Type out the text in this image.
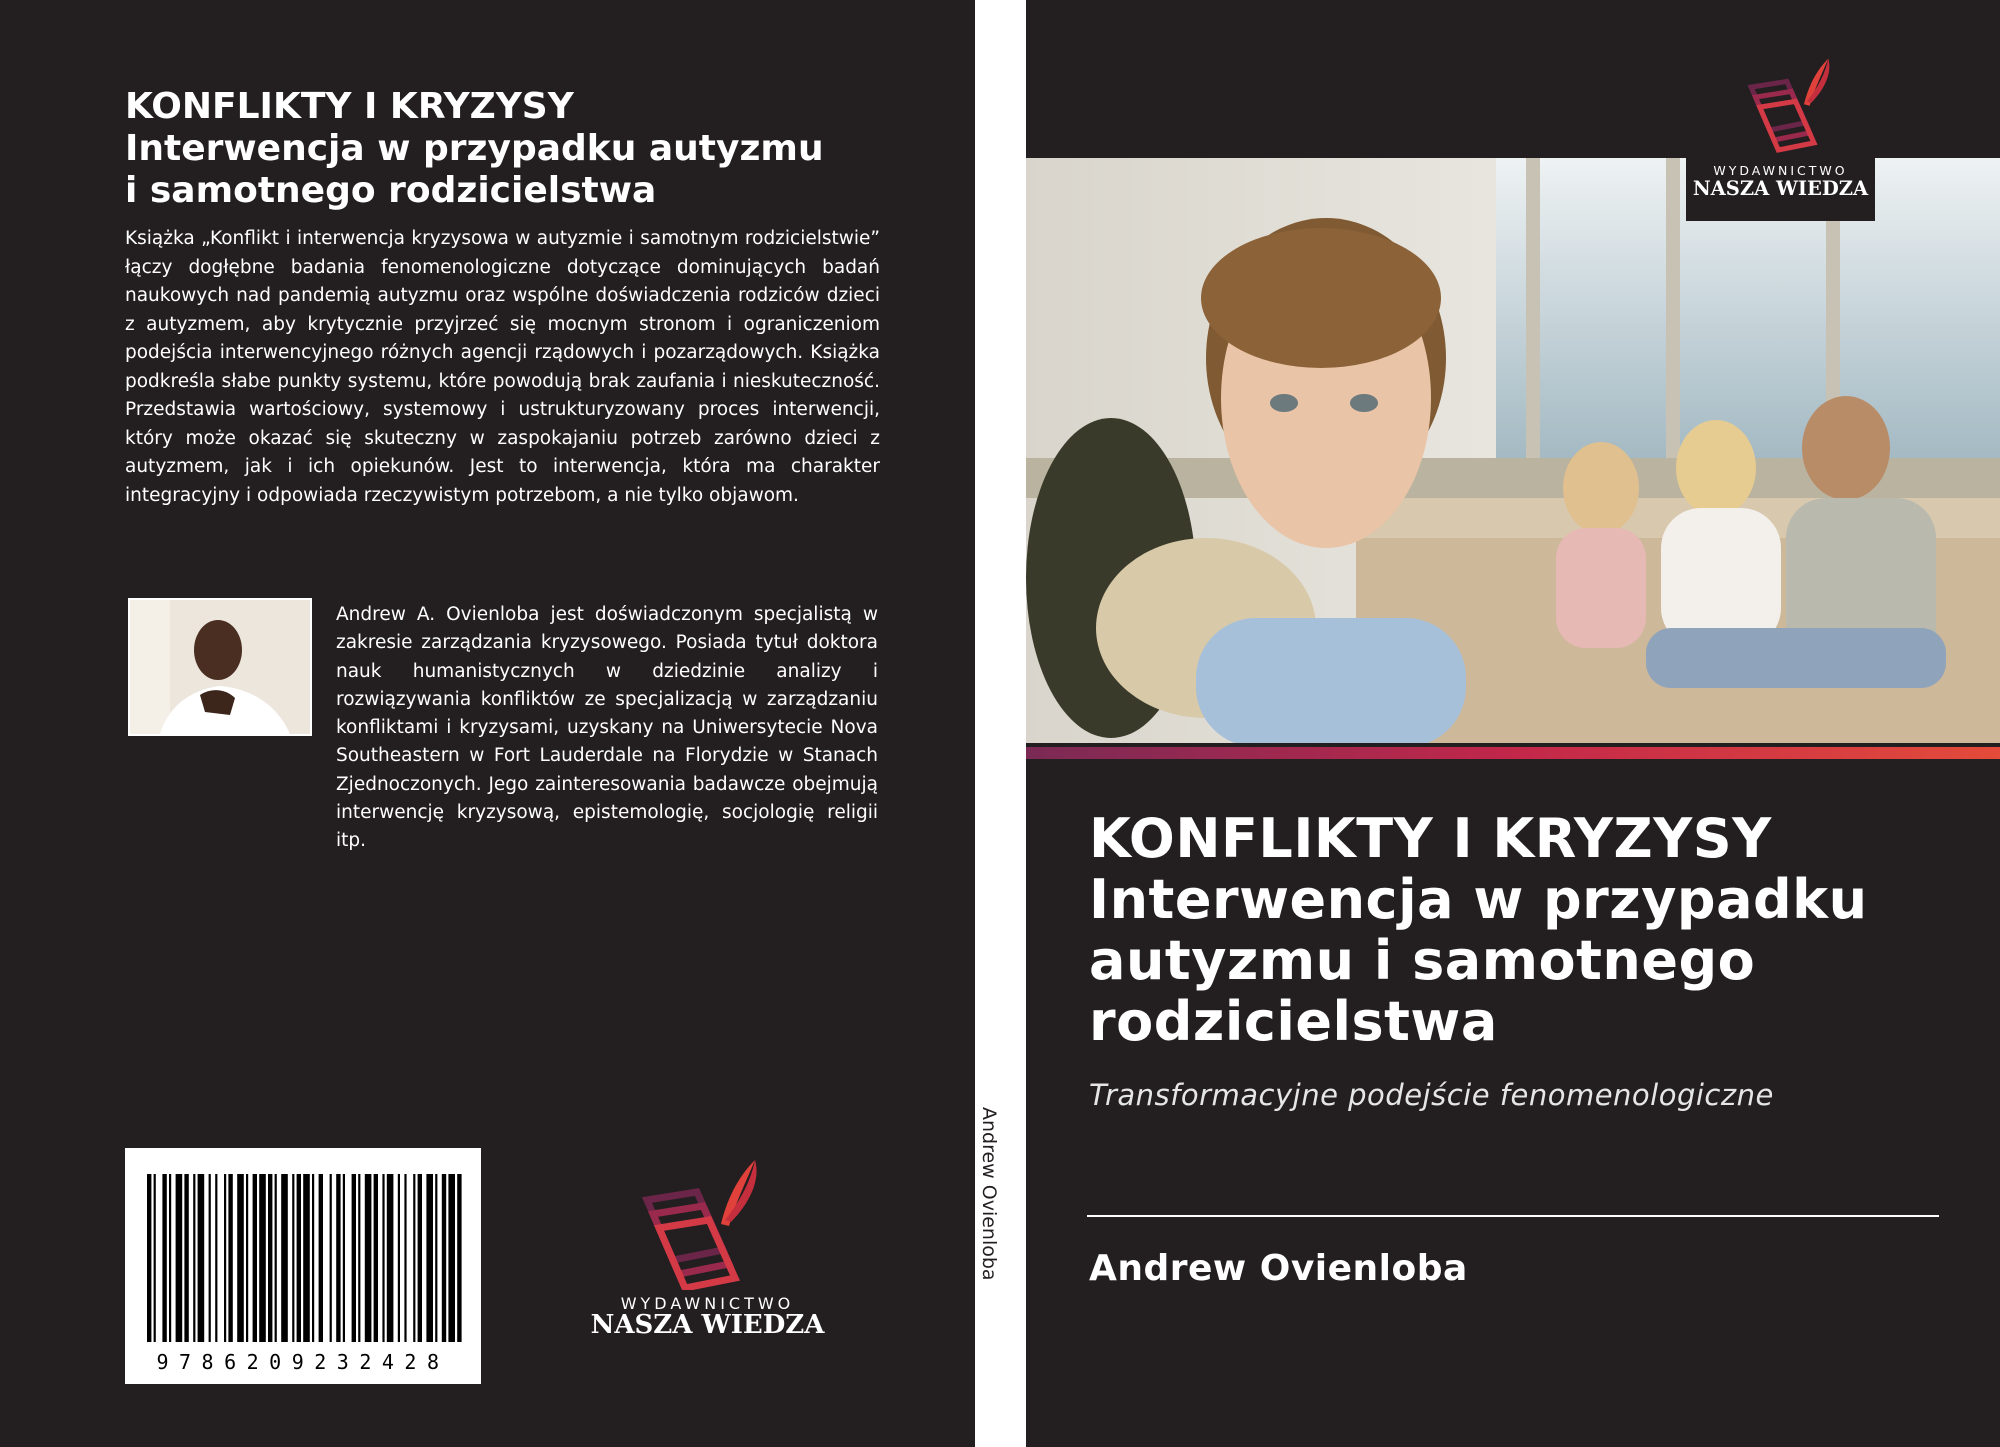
KONFLIKTY I KRYZYSY
Interwencja w przypadku autyzmu
i samotnego rodzicielstwa

Książka „Konflikt i interwencja kryzysowa w autyzmie i samotnym rodzicielstwie” łączy dogłębne badania fenomenologiczne dotyczące dominujących badań naukowych nad pandemią autyzmu oraz wspólne doświadczenia rodziców dzieci z autyzmem, aby krytycznie przyjrzeć się mocnym stronom i ograniczeniom podejścia interwencyjnego różnych agencji rządowych i pozarządowych. Książka podkreśla słabe punkty systemu, które powodują brak zaufania i nieskuteczność. Przedstawia wartościowy, systemowy i ustrukturyzowany proces interwencji, który może okazać się skuteczny w zaspokajaniu potrzeb zarówno dzieci z autyzmem, jak i ich opiekunów. Jest to interwencja, która ma charakter integracyjny i odpowiada rzeczywistym potrzebom, a nie tylko objawom.

Andrew A. Ovienloba jest doświadczonym specjalistą w zakresie zarządzania kryzysowego. Posiada tytuł doktora nauk humanistycznych w dziedzinie analizy i rozwiązywania konfliktów ze specjalizacją w zarządzaniu konfliktami i kryzysami, uzyskany na Uniwersytecie Nova Southeastern w Fort Lauderdale na Florydzie w Stanach Zjednoczonych. Jego zainteresowania badawcze obejmują interwencję kryzysową, epistemologię, socjologię religii itp.

9786209232428
WYDAWNICTWO
NASZA WIEDZA
Andrew Ovienloba
WYDAWNICTWO
NASZA WIEDZA
KONFLIKTY I KRYZYSY
Interwencja w przypadku
autyzmu i samotnego
rodzicielstwa
Transformacyjne podejście fenomenologiczne
Andrew Ovienloba
